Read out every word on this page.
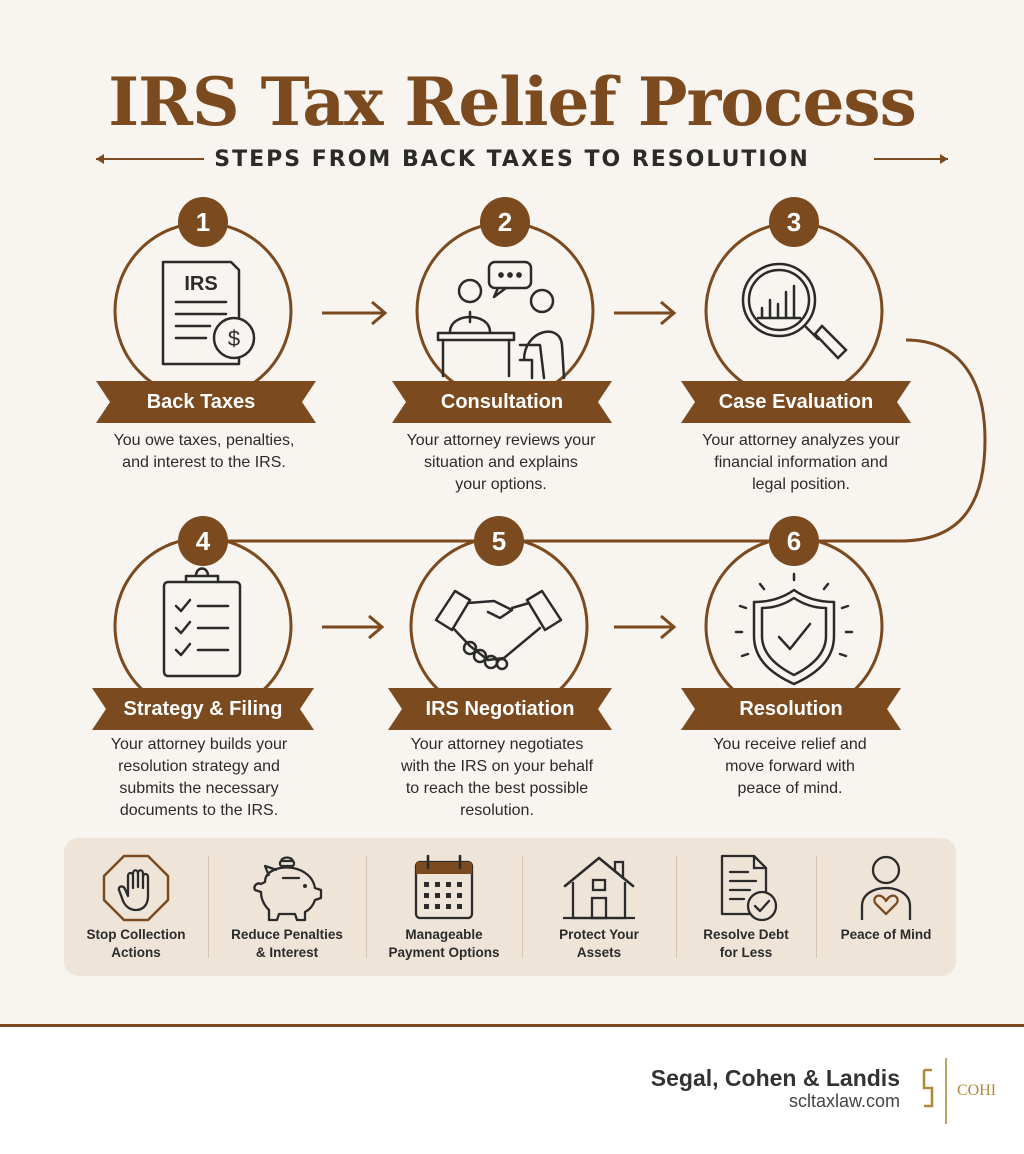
IRS Tax Relief Process
STEPS FROM BACK TAXES TO RESOLUTION
IRS
$
1	2	3
4	5	6
Back Taxes	Consultation	Case Evaluation
Strategy & Filing	IRS Negotiation	Resolution
You owe taxes, penalties,
and interest to the IRS.
Your attorney reviews your
situation and explains
your options.
Your attorney analyzes your
financial information and
legal position.
Your attorney builds your
resolution strategy and
submits the necessary
documents to the IRS.
Your attorney negotiates
with the IRS on your behalf
to reach the best possible
resolution.
You receive relief and
move forward with
peace of mind.
Stop Collection
Actions
Reduce Penalties
& Interest
Manageable
Payment Options
Protect Your
Assets
Resolve Debt
for Less
Peace of Mind
Segal, Cohen & Landis
scltaxlaw.com
COHI
